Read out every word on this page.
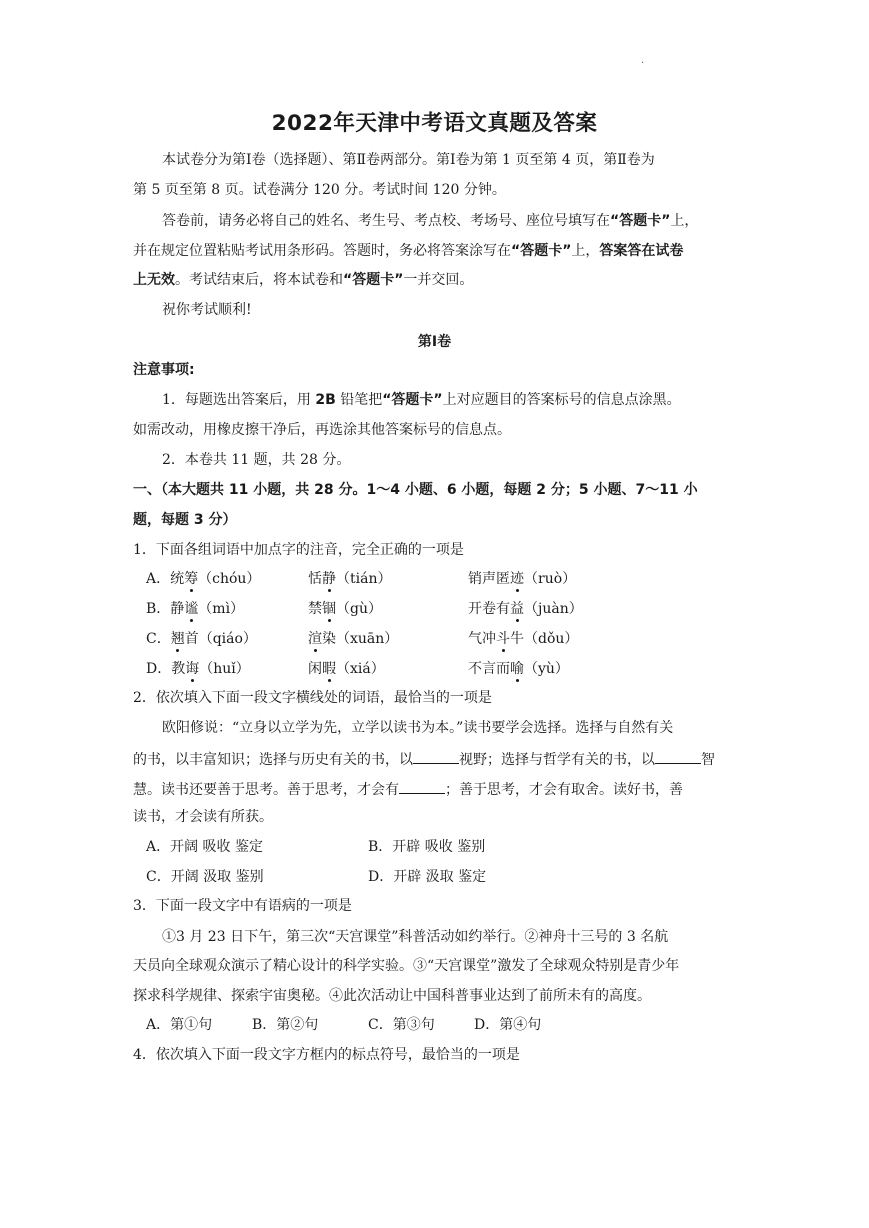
·
2022年天津中考语文真题及答案
本试卷分为第Ⅰ卷（选择题）、第Ⅱ卷两部分。第Ⅰ卷为第 1 页至第 4 页，第Ⅱ卷为
第 5 页至第 8 页。试卷满分 120 分。考试时间 120 分钟。
答卷前，请务必将自己的姓名、考生号、考点校、考场号、座位号填写在“答题卡”上，
并在规定位置粘贴考试用条形码。答题时，务必将答案涂写在“答题卡”上，答案答在试卷
上无效。考试结束后，将本试卷和“答题卡”一并交回。
祝你考试顺利!
第Ⅰ卷
注意事项:
1．每题选出答案后，用 2B 铅笔把“答题卡”上对应题目的答案标号的信息点涂黑。
如需改动，用橡皮擦干净后，再选涂其他答案标号的信息点。
2．本卷共 11 题，共 28 分。
一、（本大题共 11 小题，共 28 分。1～4 小题、6 小题，每题 2 分；5 小题、7～11 小
题，每题 3 分）
1．下面各组词语中加点字的注音，完全正确的一项是
A．统筹（chóu）	恬静（tián）	销声匿迹（ruò）
B．静谧（mì）	禁锢（gù）	开卷有益（juàn）
C．翘首（qiáo）	渲染（xuān）	气冲斗牛（dǒu）
D．教诲（huǐ）	闲暇（xiá）	不言而喻（yù）
2．依次填入下面一段文字横线处的词语，最恰当的一项是
欧阳修说：“立身以立学为先，立学以读书为本。”读书要学会选择。选择与自然有关
的书，以丰富知识；选择与历史有关的书，以	视野；选择与哲学有关的书，以	智
慧。读书还要善于思考。善于思考，才会有	；善于思考，才会有取舍。读好书，善
读书，才会读有所获。
A．开阔 吸收 鉴定	B．开辟 吸收 鉴别
C．开阔 汲取 鉴别	D．开辟 汲取 鉴定
3．下面一段文字中有语病的一项是
①3 月 23 日下午，第三次“天宫课堂”科普活动如约举行。②神舟十三号的 3 名航
天员向全球观众演示了精心设计的科学实验。③“天宫课堂”激发了全球观众特别是青少年
探求科学规律、探索宇宙奥秘。④此次活动让中国科普事业达到了前所未有的高度。
A．第①句	B．第②句	C．第③句	D．第④句
4．依次填入下面一段文字方框内的标点符号，最恰当的一项是
